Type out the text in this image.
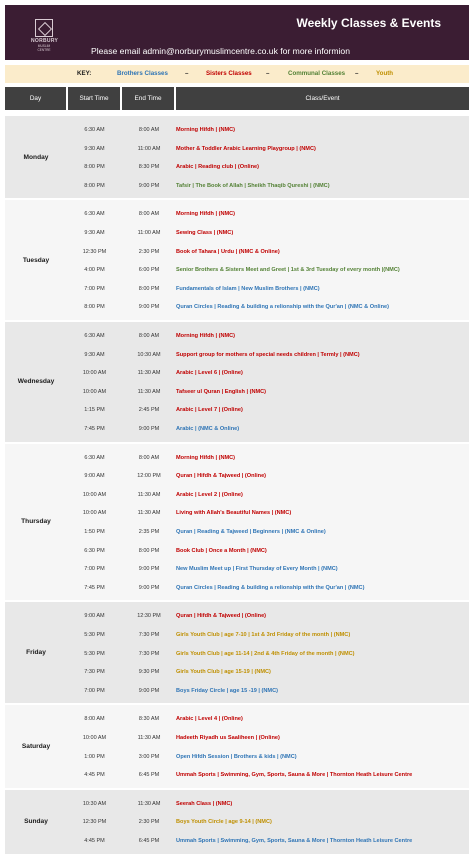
NORBURY
MUSLIM CENTRE
Weekly Classes & Events
Please email admin@norburymuslimcentre.co.uk for more informion
KEY:	Brothers Classes	–	Sisters Classes –	Communal Classes –	Youth
Day	Start Time	End Time	Class/Event
Monday
6:30 AM	8:00 AM	Morning Hifdh | (NMC)
9:30 AM	11:00 AM	Mother & Toddler Arabic Learning Playgroup | (NMC)
8:00 PM	8:30 PM	Arabic | Reading club | (Online)
8:00 PM	9:00 PM	Tafsir | The Book of Allah | Sheikh Thaqib Qureshi | (NMC)
Tuesday
6:30 AM	8:00 AM	Morning Hifdh | (NMC)
9:30 AM	11:00 AM	Sewing Class | (NMC)
12:30 PM	2:30 PM	Book of Tahara | Urdu | (NMC & Online)
4:00 PM	6:00 PM	Senior Brothers & Sisters Meet and Greet | 1st & 3rd Tuesday of every month |(NMC)
7:00 PM	8:00 PM	Fundamentals of Islam | New Muslim Brothers | (NMC)
8:00 PM	9:00 PM	Quran Circles | Reading & building a relionship with the Qur'an | (NMC & Online)
Wednesday
6:30 AM	8:00 AM	Morning Hifdh | (NMC)
9:30 AM	10:30 AM	Support group for mothers of special needs children | Termly | (NMC)
10:00 AM	11:30 AM	Arabic | Level 6 | (Online)
10:00 AM	11:30 AM	Tafseer ul Quran | English | (NMC)
1:15 PM	2:45 PM	Arabic | Level 7 | (Online)
7:45 PM	9:00 PM	Arabic | (NMC & Online)
Thursday
6:30 AM	8:00 AM	Morning Hifdh | (NMC)
9:00 AM	12:00 PM	Quran | Hifdh & Tajweed | (Online)
10:00 AM	11:30 AM	Arabic | Level 2 | (Online)
10:00 AM	11:30 AM	Living with Allah's Beautiful Names | (NMC)
1:50 PM	2:35 PM	Quran | Reading & Tajweed | Beginners | (NMC & Online)
6:30 PM	8:00 PM	Book Club | Once a Month | (NMC)
7:00 PM	9:00 PM	New Muslim Meet up | First Thursday of Every Month | (NMC)
7:45 PM	9:00 PM	Quran Circles | Reading & building a relionship with the Qur'an | (NMC)
Friday
9:00 AM	12:30 PM	Quran | Hifdh & Tajweed | (Online)
5:30 PM	7:30 PM	Girls Youth Club | age 7-10 | 1st & 3rd Friday of the month | (NMC)
5:30 PM	7:30 PM	Girls Youth Club | age 11-14 | 2nd & 4th Friday of the month | (NMC)
7:30 PM	9:30 PM	Girls Youth Club | age 15-19 | (NMC)
7:00 PM	9:00 PM	Boys Friday Circle | age 15 -19 | (NMC)
Saturday
8:00 AM	8:30 AM	Arabic | Level 4 | (Online)
10:00 AM	11:30 AM	Hadeeth Riyadh us Saaliheen | (Online)
1:00 PM	3:00 PM	Open Hifdh Session | Brothers & kids | (NMC)
4:45 PM	6:45 PM	Ummah Sports | Swimming, Gym, Sports, Sauna & More | Thornton Heath Leisure Centre
Sunday
10:30 AM	11:30 AM	Seerah Class | (NMC)
12:30 PM	2:30 PM	Boys Youth Circle | age 9-14 | (NMC)
4:45 PM	6:45 PM	Ummah Sports | Swimming, Gym, Sports, Sauna & More | Thornton Heath Leisure Centre
